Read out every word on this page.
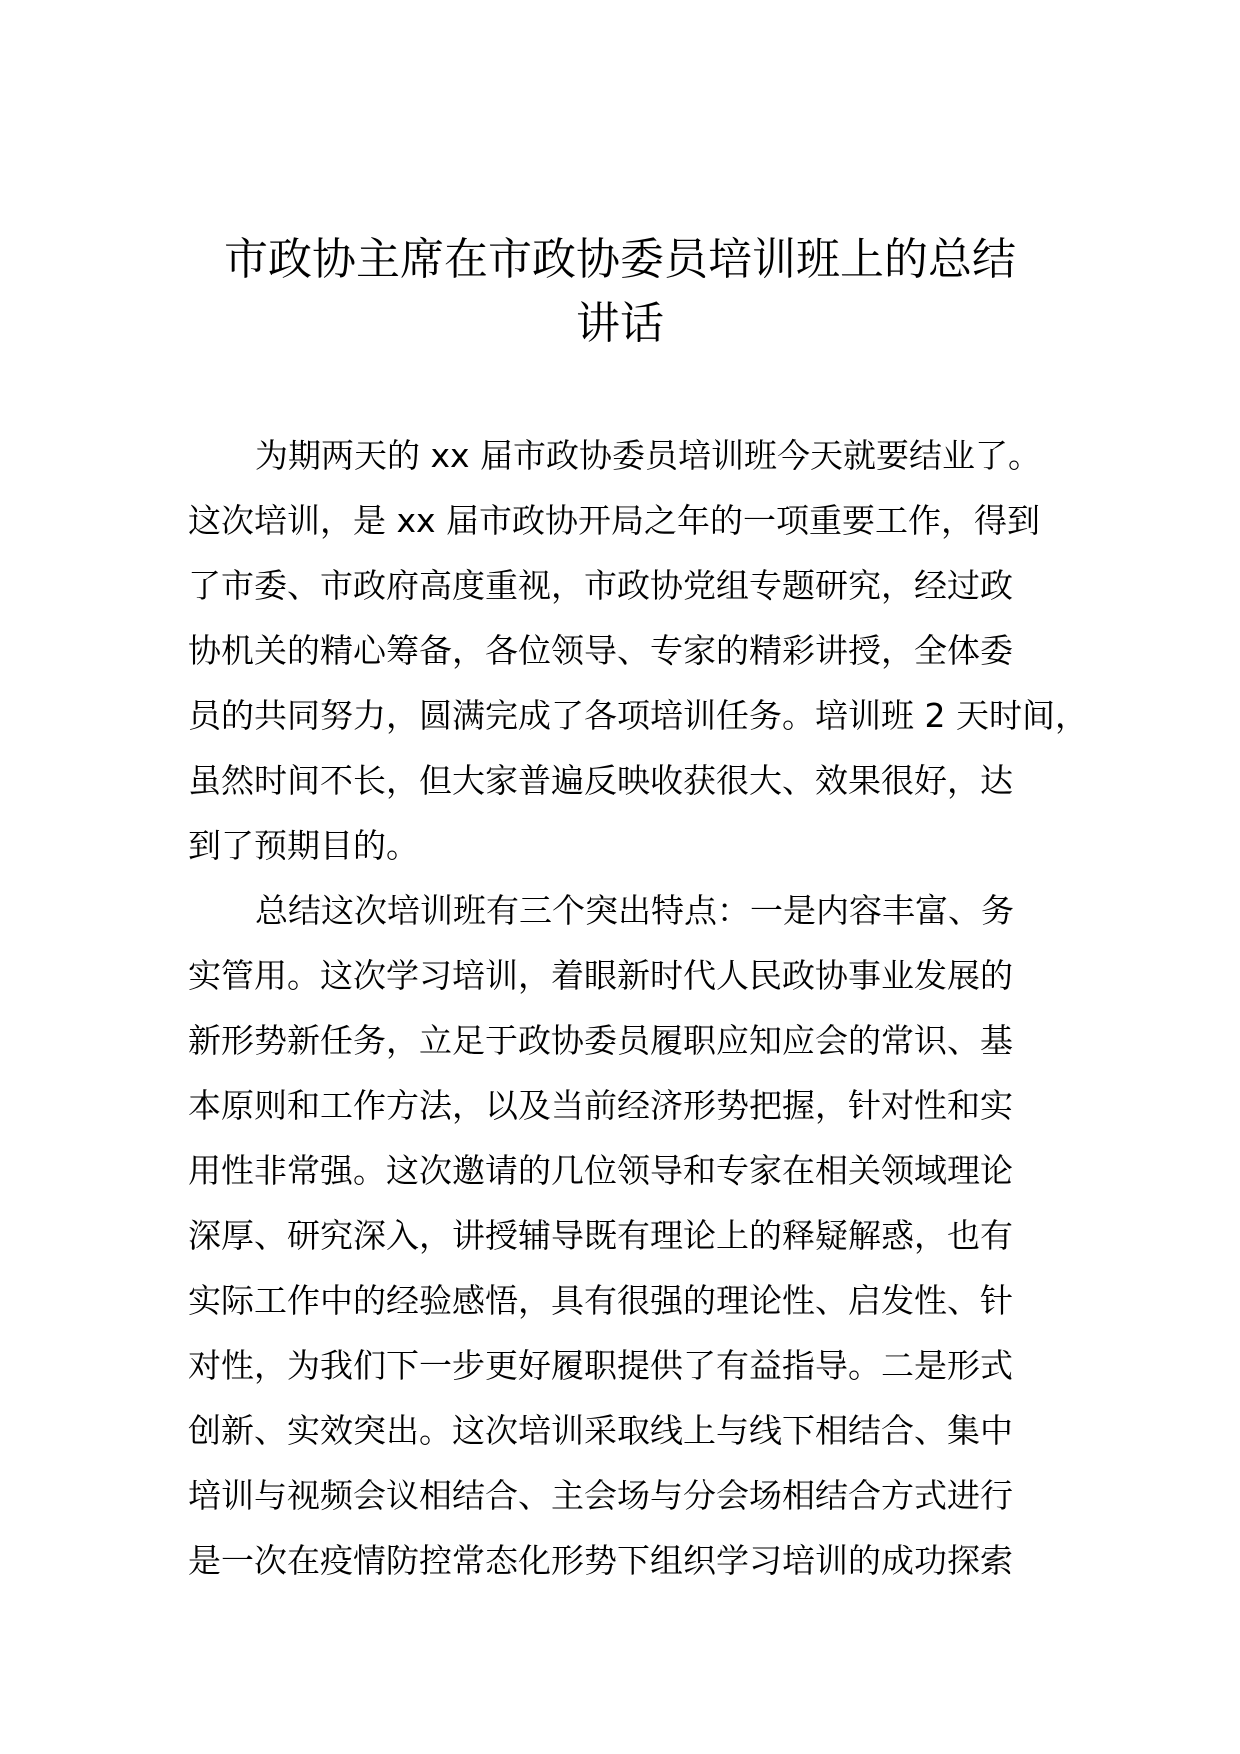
市政协主席在市政协委员培训班上的总结
讲话
为期两天的 xx 届市政协委员培训班今天就要结业了。
这次培训，是 xx 届市政协开局之年的一项重要工作，得到
了市委、市政府高度重视，市政协党组专题研究，经过政
协机关的精心筹备，各位领导、专家的精彩讲授，全体委
员的共同努力，圆满完成了各项培训任务。培训班 2 天时间，
虽然时间不长，但大家普遍反映收获很大、效果很好，达
到了预期目的。
总结这次培训班有三个突出特点：一是内容丰富、务
实管用。这次学习培训，着眼新时代人民政协事业发展的
新形势新任务，立足于政协委员履职应知应会的常识、基
本原则和工作方法，以及当前经济形势把握，针对性和实
用性非常强。这次邀请的几位领导和专家在相关领域理论
深厚、研究深入，讲授辅导既有理论上的释疑解惑，也有
实际工作中的经验感悟，具有很强的理论性、启发性、针
对性，为我们下一步更好履职提供了有益指导。二是形式
创新、实效突出。这次培训采取线上与线下相结合、集中
培训与视频会议相结合、主会场与分会场相结合方式进行
是一次在疫情防控常态化形势下组织学习培训的成功探索
